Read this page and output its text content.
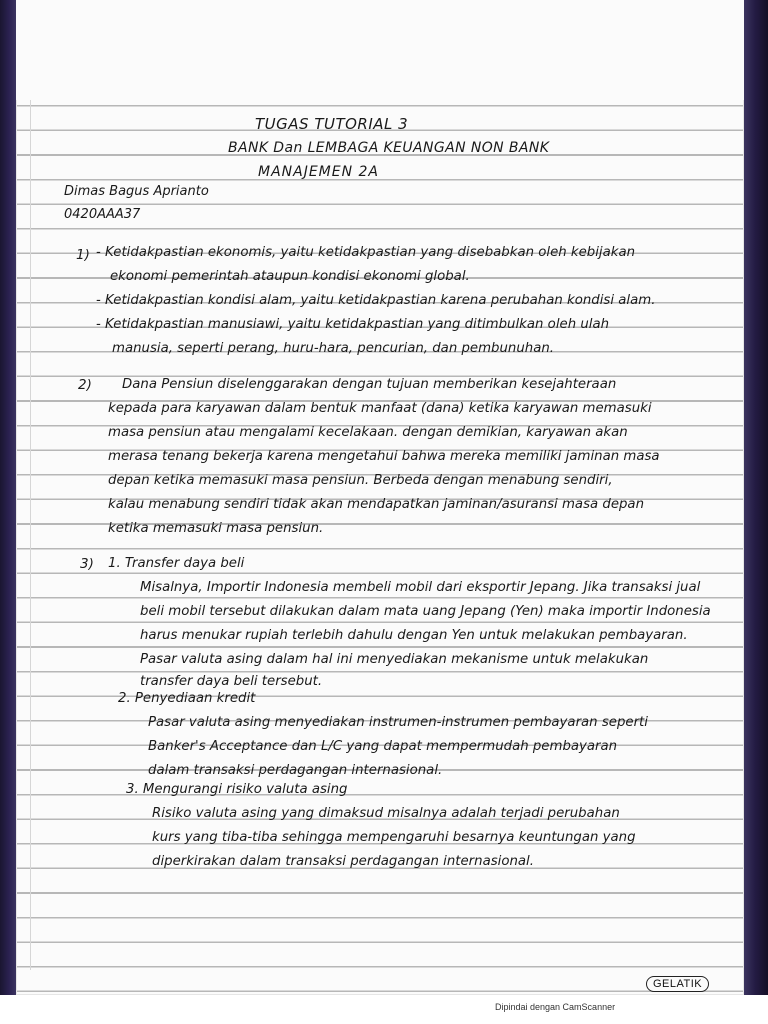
TUGAS TUTORIAL 3
BANK Dan LEMBAGA KEUANGAN NON BANK
MANAJEMEN 2A
Dimas Bagus Aprianto
0420AAA37
1) - Ketidakpastian ekonomis, yaitu ketidakpastian yang disebabkan oleh kebijakan
ekonomi pemerintah ataupun kondisi ekonomi global.
- Ketidakpastian kondisi alam, yaitu ketidakpastian karena perubahan kondisi alam.
- Ketidakpastian manusiawi, yaitu ketidakpastian yang ditimbulkan oleh ulah
manusia, seperti perang, huru-hara, pencurian, dan pembunuhan.
2) Dana Pensiun diselenggarakan dengan tujuan memberikan kesejahteraan
kepada para karyawan dalam bentuk manfaat (dana) ketika karyawan memasuki
masa pensiun atau mengalami kecelakaan. dengan demikian, karyawan akan
merasa tenang bekerja karena mengetahui bahwa mereka memiliki jaminan masa
depan ketika memasuki masa pensiun. Berbeda dengan menabung sendiri,
kalau menabung sendiri tidak akan mendapatkan jaminan/asuransi masa depan
ketika memasuki masa pensiun.
3) 1. Transfer daya beli
Misalnya, Importir Indonesia membeli mobil dari eksportir Jepang. Jika transaksi jual
beli mobil tersebut dilakukan dalam mata uang Jepang (Yen) maka importir Indonesia
harus menukar rupiah terlebih dahulu dengan Yen untuk melakukan pembayaran.
Pasar valuta asing dalam hal ini menyediakan mekanisme untuk melakukan
transfer daya beli tersebut.
2. Penyediaan kredit
Pasar valuta asing menyediakan instrumen-instrumen pembayaran seperti
Banker's Acceptance dan L/C yang dapat mempermudah pembayaran
dalam transaksi perdagangan internasional.
3. Mengurangi risiko valuta asing
Risiko valuta asing yang dimaksud misalnya adalah terjadi perubahan
kurs yang tiba-tiba sehingga mempengaruhi besarnya keuntungan yang
diperkirakan dalam transaksi perdagangan internasional.
GELATIK
Dipindai dengan CamScanner
